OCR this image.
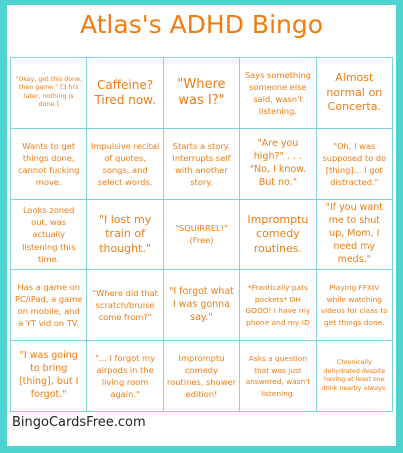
Atlas's ADHD Bingo
"Okay, get this done, then game." [3 hrs later, nothing is done.]
Caffeine? Tired now.
"Where was I?"
Says something someone else said, wasn't listening.
Almost normal on Concerta.
Wants to get things done, cannot fucking move.
Impulsive recital of quotes, songs, and select words.
Starts a story. Interrupts self with another story.
"Are you high?" . . . "No, I know. But no."
"Oh, I was supposed to do [thing]... I got distracted."
Looks zoned out, was actually listening this time.
"I lost my train of thought."
"SQUIRREL!" (Free)
Impromptu comedy routines.
"If you want me to shut up, Mom, I need my meds."
Has a game on PC/iPad, a game on mobile, and a YT vid on TV.
"Where did that scratch/bruise come from?"
"I forgot what I was gonna say."
*Frantically pats pockets* OH GOOD! I have my phone and my ID
Playing FFXIV while watching videos for class to get things done.
"I was going to bring [thing], but I forgot."
"... I forgot my airpods in the living room again."
Impromptu comedy routines, shower edition!
Asks a question that was just answered, wasn't listening.
Chronically dehydrated despite having at least one drink nearby always.
BingoCardsFree.com
